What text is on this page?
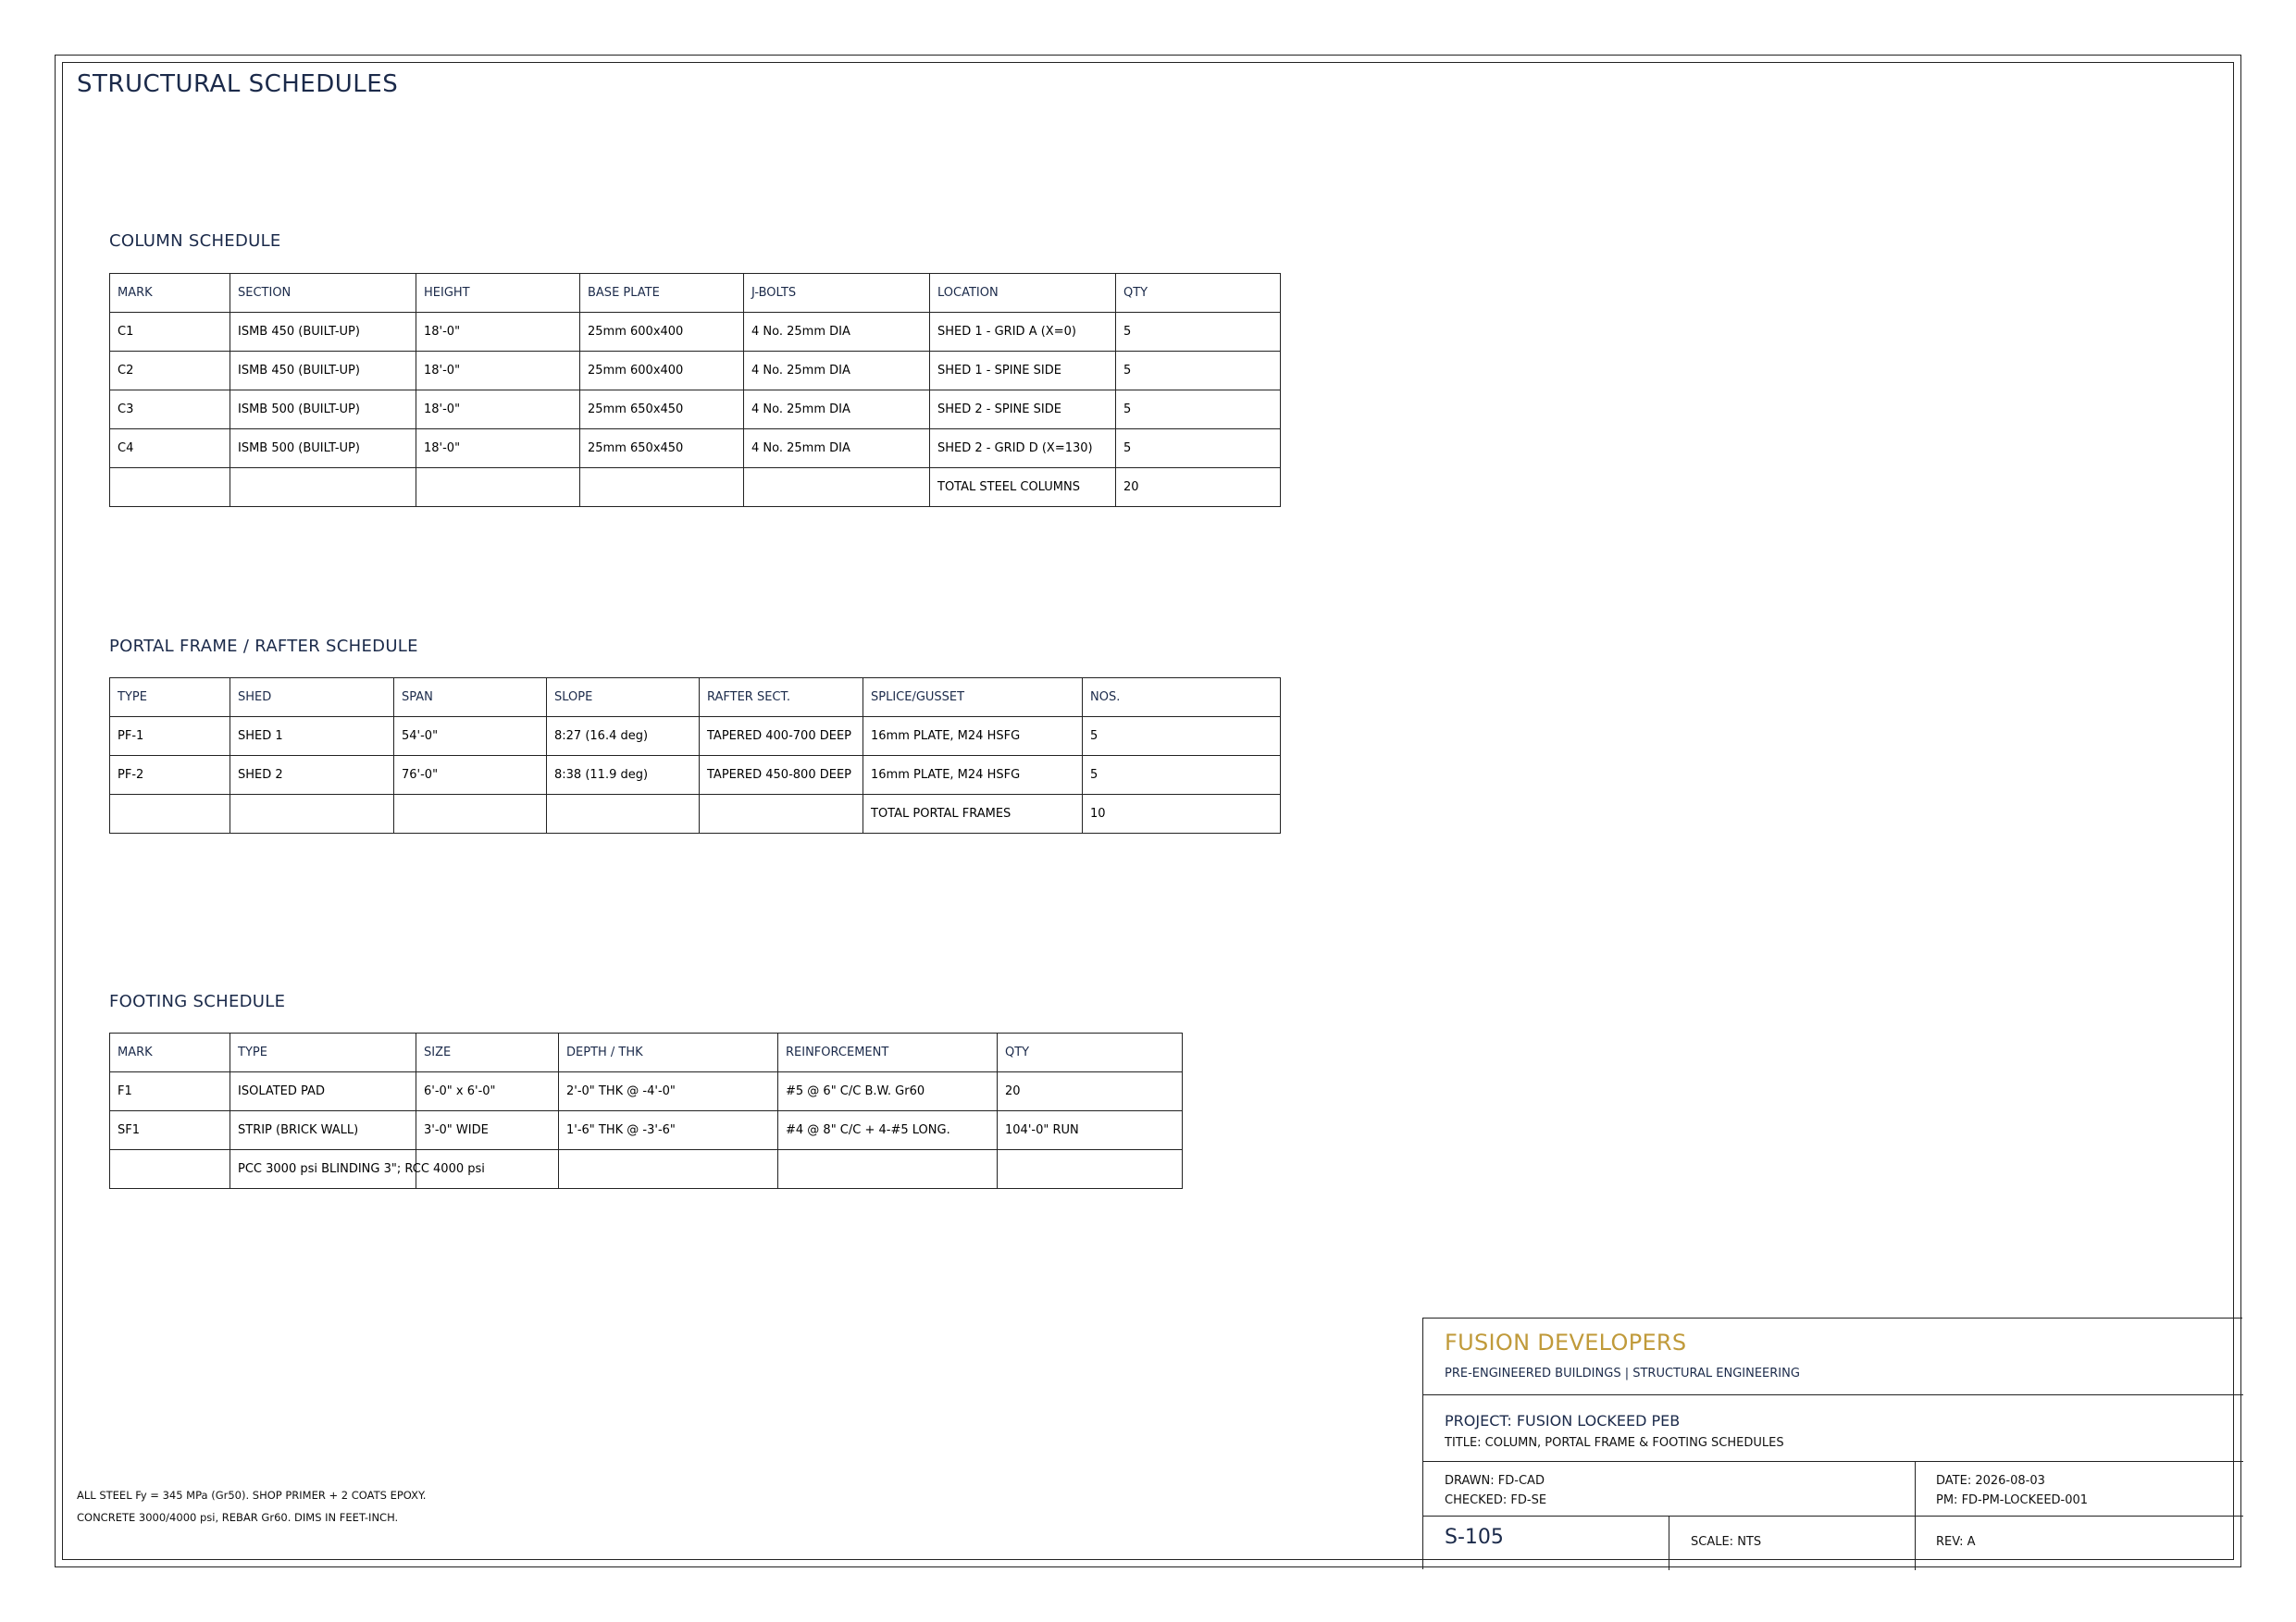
STRUCTURAL SCHEDULES
COLUMN SCHEDULE
MARK	SECTION	HEIGHT	BASE PLATE	J-BOLTS	LOCATION	QTY
C1	ISMB 450 (BUILT-UP)	18'-0"	25mm 600x400	4 No. 25mm DIA	SHED 1 - GRID A (X=0)	5
C2	ISMB 450 (BUILT-UP)	18'-0"	25mm 600x400	4 No. 25mm DIA	SHED 1 - SPINE SIDE	5
C3	ISMB 500 (BUILT-UP)	18'-0"	25mm 650x450	4 No. 25mm DIA	SHED 2 - SPINE SIDE	5
C4	ISMB 500 (BUILT-UP)	18'-0"	25mm 650x450	4 No. 25mm DIA	SHED 2 - GRID D (X=130)	5
					TOTAL STEEL COLUMNS	20
PORTAL FRAME / RAFTER SCHEDULE
TYPE	SHED	SPAN	SLOPE	RAFTER SECT.	SPLICE/GUSSET	NOS.
PF-1	SHED 1	54'-0"	8:27 (16.4 deg)	TAPERED 400-700 DEEP	16mm PLATE, M24 HSFG	5
PF-2	SHED 2	76'-0"	8:38 (11.9 deg)	TAPERED 450-800 DEEP	16mm PLATE, M24 HSFG	5
					TOTAL PORTAL FRAMES	10
FOOTING SCHEDULE
MARK	TYPE	SIZE	DEPTH / THK	REINFORCEMENT	QTY
F1	ISOLATED PAD	6'-0" x 6'-0"	2'-0" THK @ -4'-0"	#5 @ 6" C/C B.W. Gr60	20
SF1	STRIP (BRICK WALL)	3'-0" WIDE	1'-6" THK @ -3'-6"	#4 @ 8" C/C + 4-#5 LONG.	104'-0" RUN
	PCC 3000 psi BLINDING 3"; RCC 4000 psi				
ALL STEEL Fy = 345 MPa (Gr50). SHOP PRIMER + 2 COATS EPOXY.
CONCRETE 3000/4000 psi, REBAR Gr60. DIMS IN FEET-INCH.
FUSION DEVELOPERS
PRE-ENGINEERED BUILDINGS | STRUCTURAL ENGINEERING
PROJECT: FUSION LOCKEED PEB
TITLE: COLUMN, PORTAL FRAME & FOOTING SCHEDULES
DRAWN: FD-CAD
CHECKED: FD-SE
DATE: 2026-08-03
PM: FD-PM-LOCKEED-001
S-105	SCALE: NTS	REV: A
